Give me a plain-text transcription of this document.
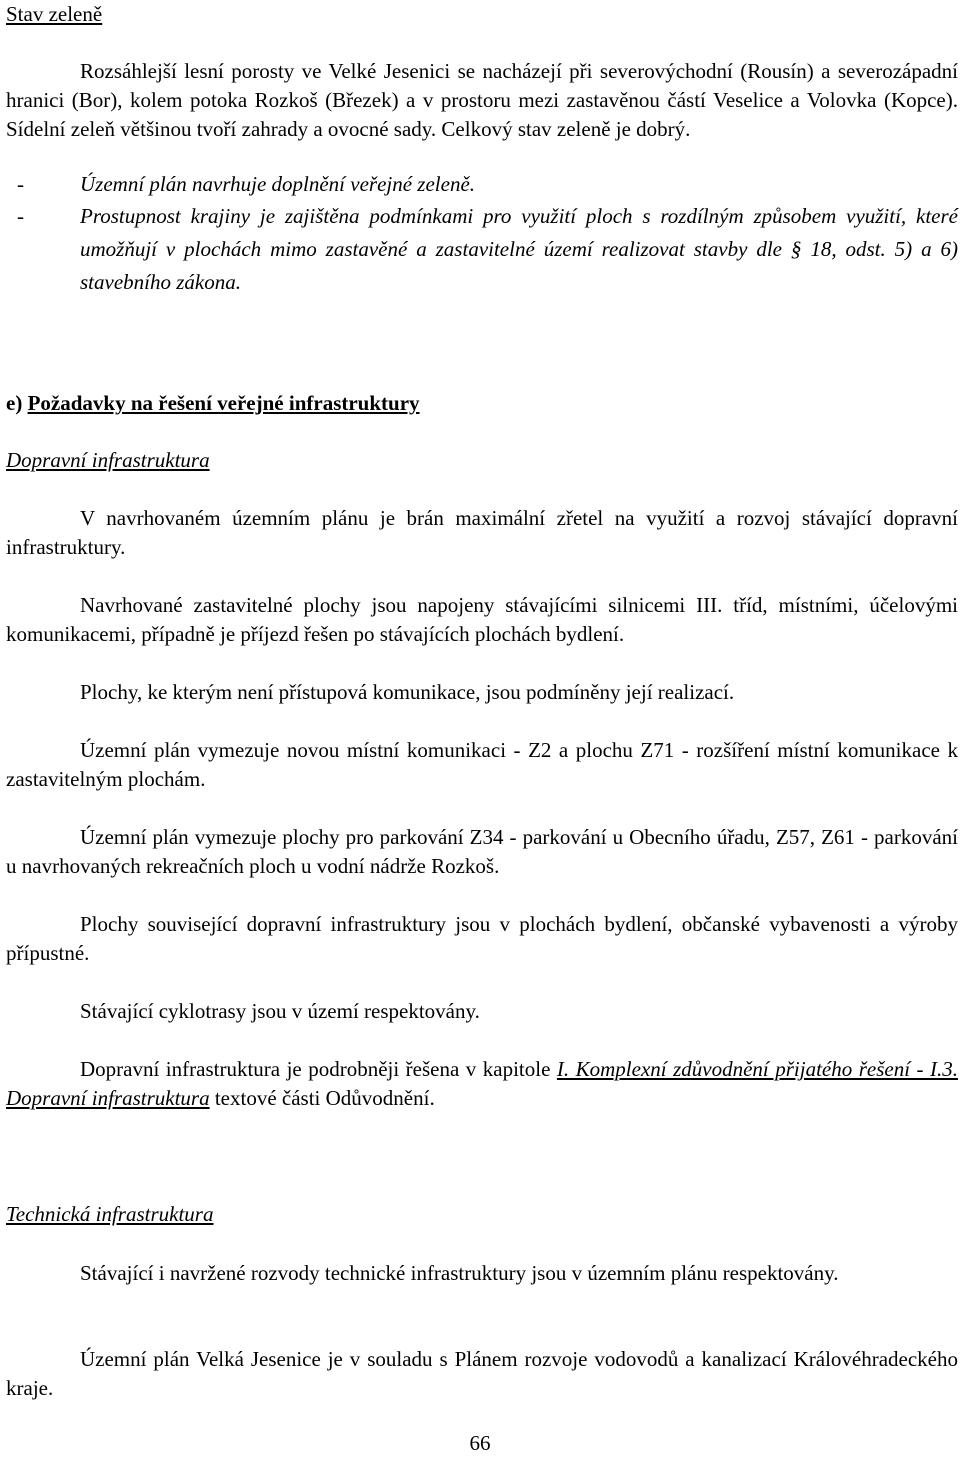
Stav zeleně

Rozsáhlejší lesní porosty ve Velké Jesenici se nacházejí při severovýchodní (Rousín) a severozápadní hranici (Bor), kolem potoka Rozkoš (Březek) a v prostoru mezi zastavěnou částí Veselice a Volovka (Kopce). Sídelní zeleň většinou tvoří zahrady a ovocné sady. Celkový stav zeleně je dobrý.

-	Územní plán navrhuje doplnění veřejné zeleně.
-	Prostupnost krajiny je zajištěna podmínkami pro využití ploch s rozdílným způsobem využití, které umožňují v plochách mimo zastavěné a zastavitelné území realizovat stavby dle § 18, odst. 5) a 6) stavebního zákona.

e) Požadavky na řešení veřejné infrastruktury

Dopravní infrastruktura

V navrhovaném územním plánu je brán maximální zřetel na využití a rozvoj stávající dopravní infrastruktury.

Navrhované zastavitelné plochy jsou napojeny stávajícími silnicemi III. tříd, místními, účelovými komunikacemi, případně je příjezd řešen po stávajících plochách bydlení.

Plochy, ke kterým není přístupová komunikace, jsou podmíněny její realizací.

Územní plán vymezuje novou místní komunikaci - Z2 a plochu Z71 - rozšíření místní komunikace k zastavitelným plochám.

Územní plán vymezuje plochy pro parkování Z34 - parkování u Obecního úřadu, Z57, Z61 - parkování u navrhovaných rekreačních ploch u vodní nádrže Rozkoš.

Plochy související dopravní infrastruktury jsou v plochách bydlení, občanské vybavenosti a výroby přípustné.

Stávající cyklotrasy jsou v území respektovány.

Dopravní infrastruktura je podrobněji řešena v kapitole I. Komplexní zdůvodnění přijatého řešení - I.3. Dopravní infrastruktura textové části Odůvodnění.

Technická infrastruktura

Stávající i navržené rozvody technické infrastruktury jsou v územním plánu respektovány.

Územní plán Velká Jesenice je v souladu s Plánem rozvoje vodovodů a kanalizací Královéhradeckého kraje.

66
